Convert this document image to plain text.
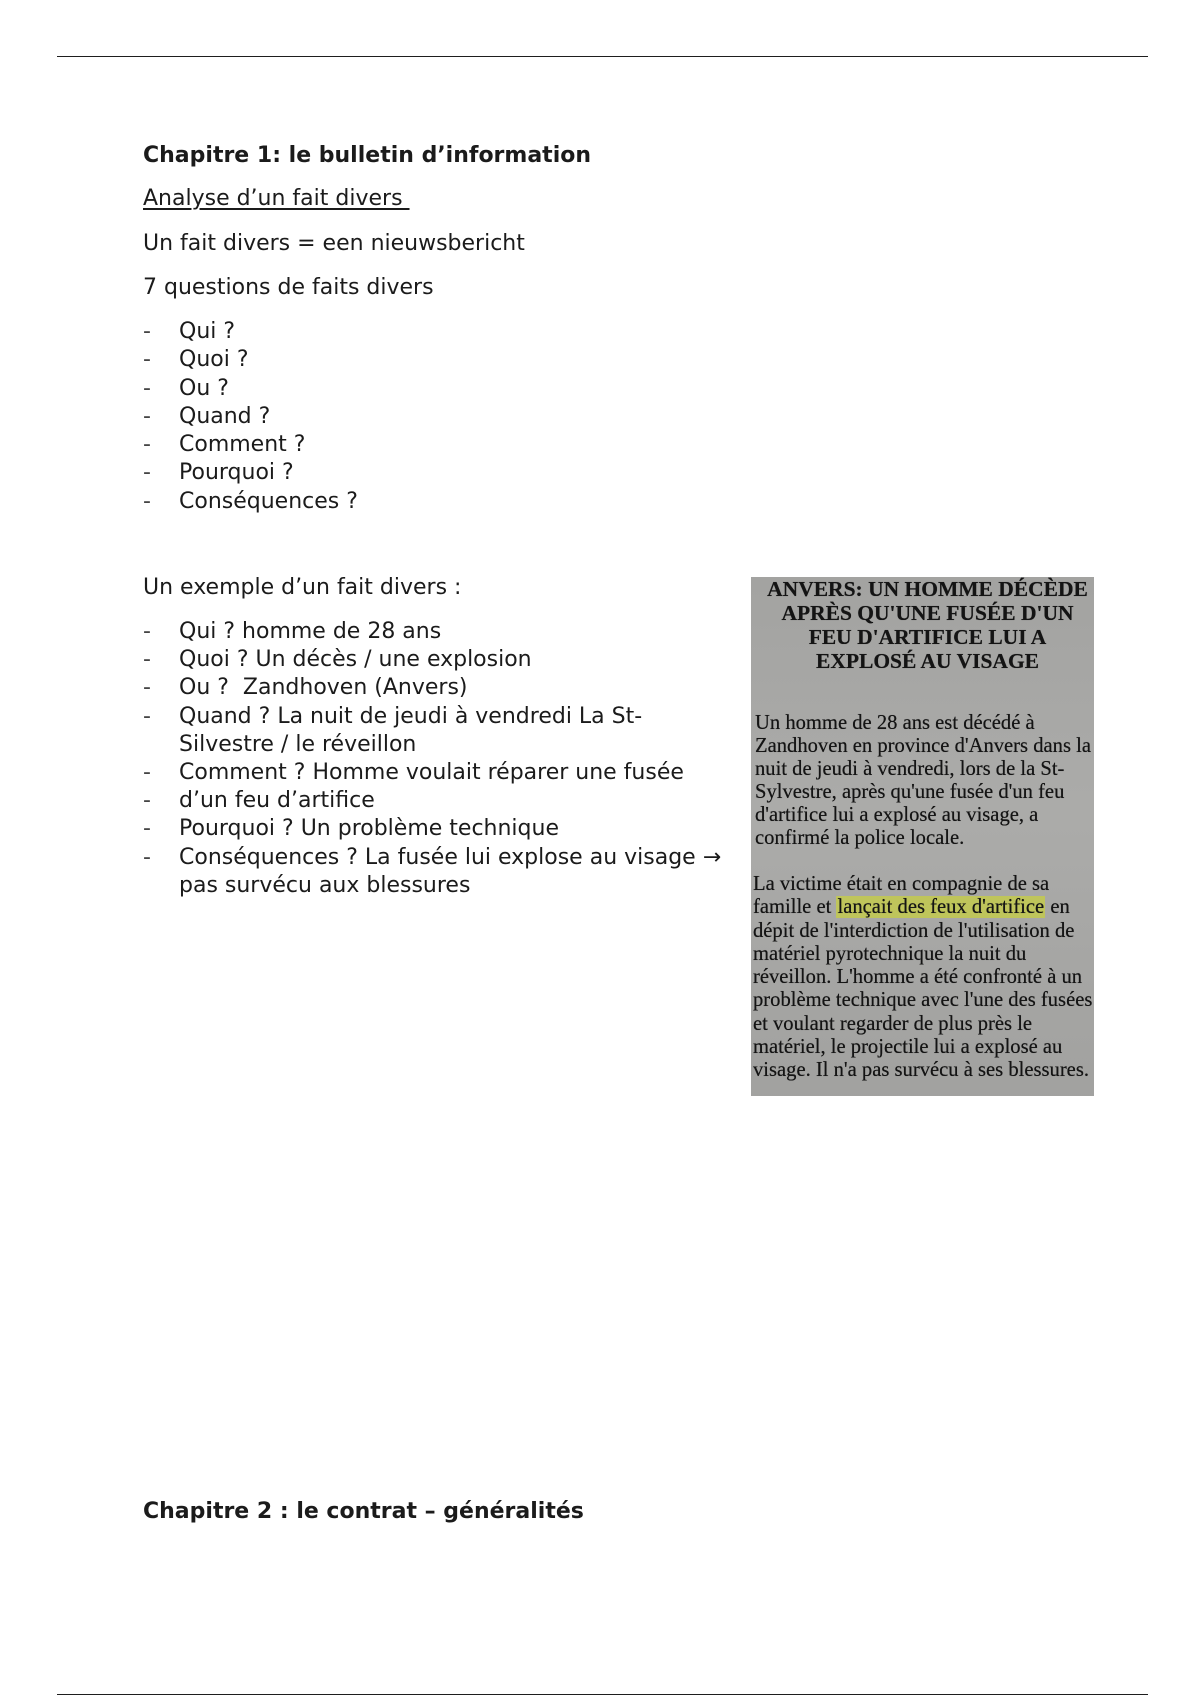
Chapitre 1: le bulletin d’information
Analyse d’un fait divers
Un fait divers = een nieuwsbericht
7 questions de faits divers
- Qui ?
- Quoi ?
- Ou ?
- Quand ?
- Comment ?
- Pourquoi ?
- Conséquences ?
Un exemple d’un fait divers :
- Qui ? homme de 28 ans
- Quoi ? Un décès / une explosion
- Ou ?  Zandhoven (Anvers)
- Quand ? La nuit de jeudi à vendredi La St-
Silvestre / le réveillon
- Comment ? Homme voulait réparer une fusée
- d’un feu d’artifice
- Pourquoi ? Un problème technique
- Conséquences ? La fusée lui explose au visage →
pas survécu aux blessures
ANVERS: UN HOMME DÉCÈDE
APRÈS QU'UNE FUSÉE D'UN
FEU D'ARTIFICE LUI A
EXPLOSÉ AU VISAGE
Un homme de 28 ans est décédé à
Zandhoven en province d'Anvers dans la
nuit de jeudi à vendredi, lors de la St-
Sylvestre, après qu'une fusée d'un feu
d'artifice lui a explosé au visage, a
confirmé la police locale.
La victime était en compagnie de sa
famille et lançait des feux d'artifice en
dépit de l'interdiction de l'utilisation de
matériel pyrotechnique la nuit du
réveillon. L'homme a été confronté à un
problème technique avec l'une des fusées
et voulant regarder de plus près le
matériel, le projectile lui a explosé au
visage. Il n'a pas survécu à ses blessures.
Chapitre 2 : le contrat – généralités
